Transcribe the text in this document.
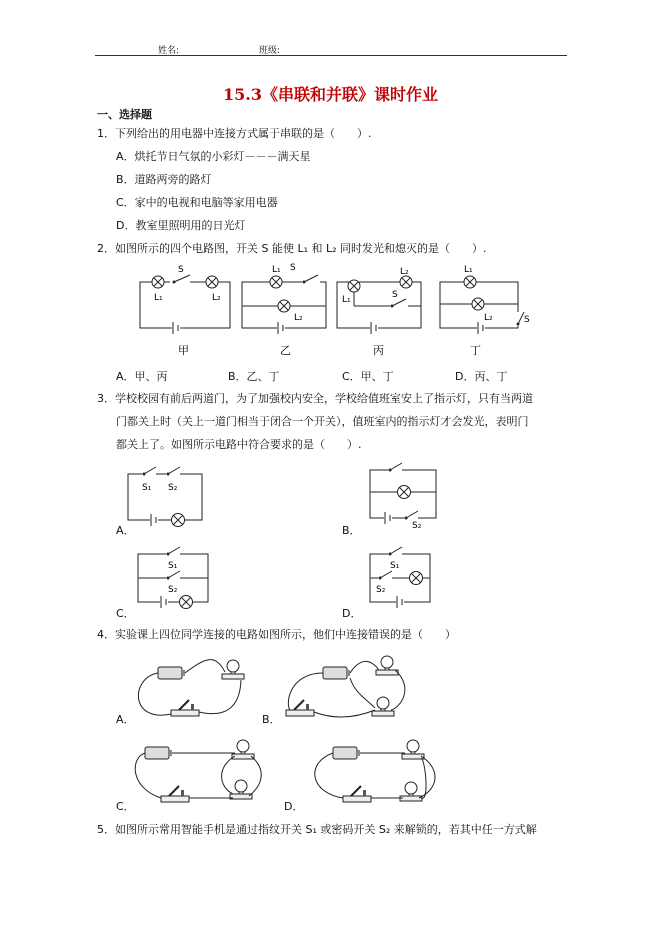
姓名:	班级:
15.3《串联和并联》课时作业
一、选择题
1．下列给出的用电器中连接方式属于串联的是（　　）.
A．烘托节日气氛的小彩灯－－－满天星
B．道路两旁的路灯
C．家中的电视和电脑等家用电器
D．教室里照明用的日光灯
2．如图所示的四个电路图，开关 S 能使 L₁ 和 L₂ 同时发光和熄灭的是（　　）.
S
L₁	L₂
甲
S
L₁
L₂
乙
S
L₁
L₂
丙
S
L₁
L₂
丁
A．甲、丙	B．乙、丁	C．甲、丁	D．丙、丁
3．学校校园有前后两道门，为了加强校内安全，学校给值班室安上了指示灯，只有当两道
门都关上时（关上一道门相当于闭合一个开关），值班室内的指示灯才会发光，表明门
都关上了。如图所示电路中符合要求的是（　　）.
S₁ S₂
S₂
S₁
S₂
S₁
S₂
A．	B．
C．	D．
4．实验课上四位同学连接的电路如图所示，他们中连接错误的是（　　）
A．	B．
C．	D．
5．如图所示常用智能手机是通过指纹开关 S₁ 或密码开关 S₂ 来解锁的，若其中任一方式解
